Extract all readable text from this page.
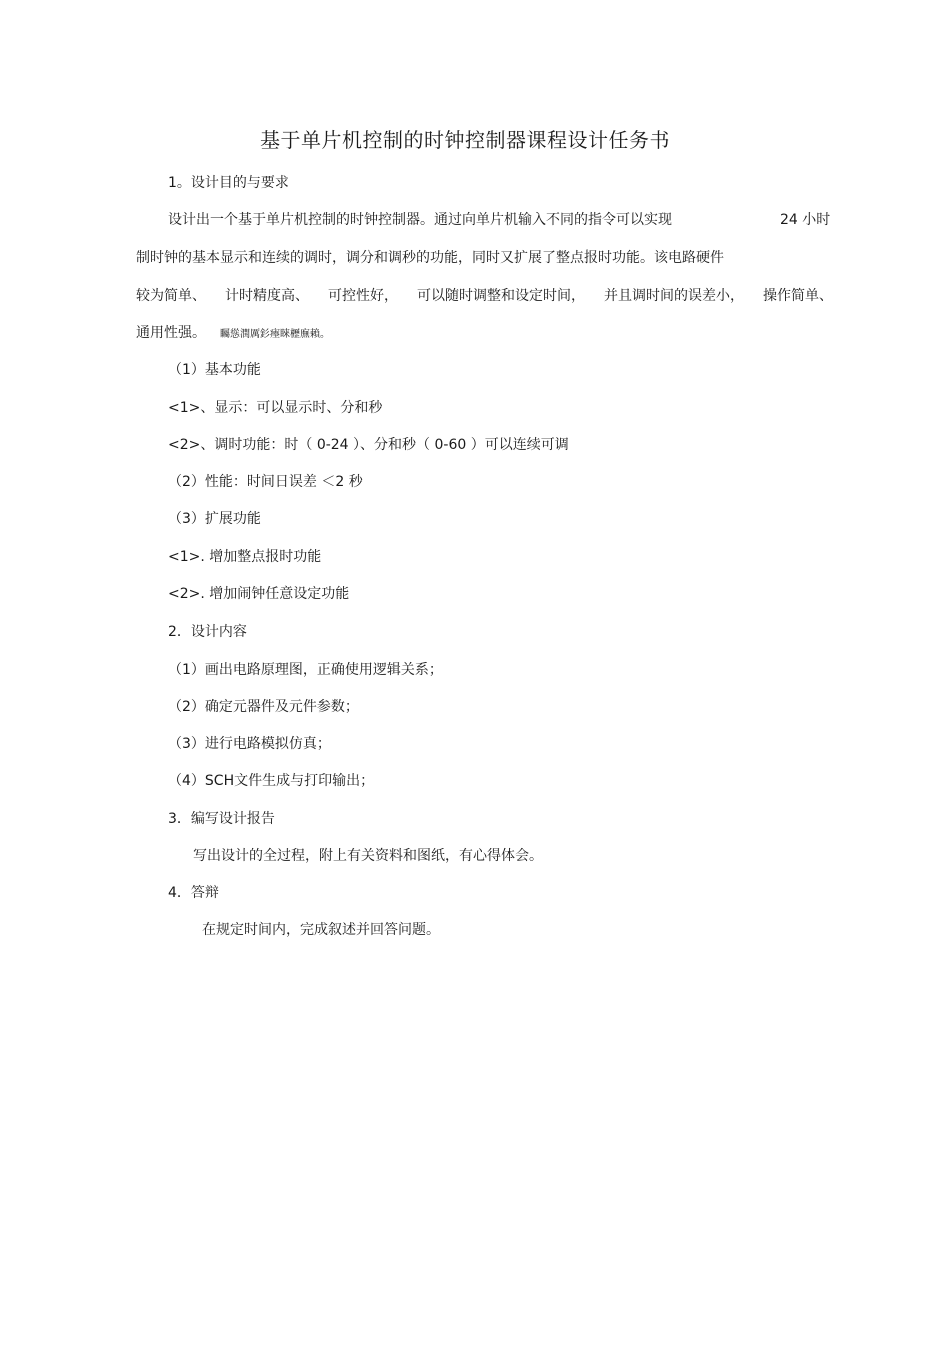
基于单片机控制的时钟控制器课程设计任务书
1。设计目的与要求
设计出一个基于单片机控制的时钟控制器。通过向单片机输入不同的指令可以实现	24 小时
制时钟的基本显示和连续的调时，调分和调秒的功能，同时又扩展了整点报时功能。该电路硬件
较为简单、 计时精度高、 可控性好， 可以随时调整和设定时间， 并且调时间的误差小， 操作简单、
通用性强。 矚慫潤厲釤瘞睞櫪廡賴。
（1）基本功能
<1>、显示：可以显示时、分和秒
<2>、调时功能：时（ 0-24 ）、分和秒（ 0-60 ）可以连续可调
（2）性能：时间日误差 ＜2 秒
（3）扩展功能
<1>. 增加整点报时功能
<2>. 增加闹钟任意设定功能
2．设计内容
（1）画出电路原理图，正确使用逻辑关系；
（2）确定元器件及元件参数；
（3）进行电路模拟仿真；
（4）SCH文件生成与打印输出；
3．编写设计报告
写出设计的全过程，附上有关资料和图纸，有心得体会。
4．答辩
在规定时间内，完成叙述并回答问题。
